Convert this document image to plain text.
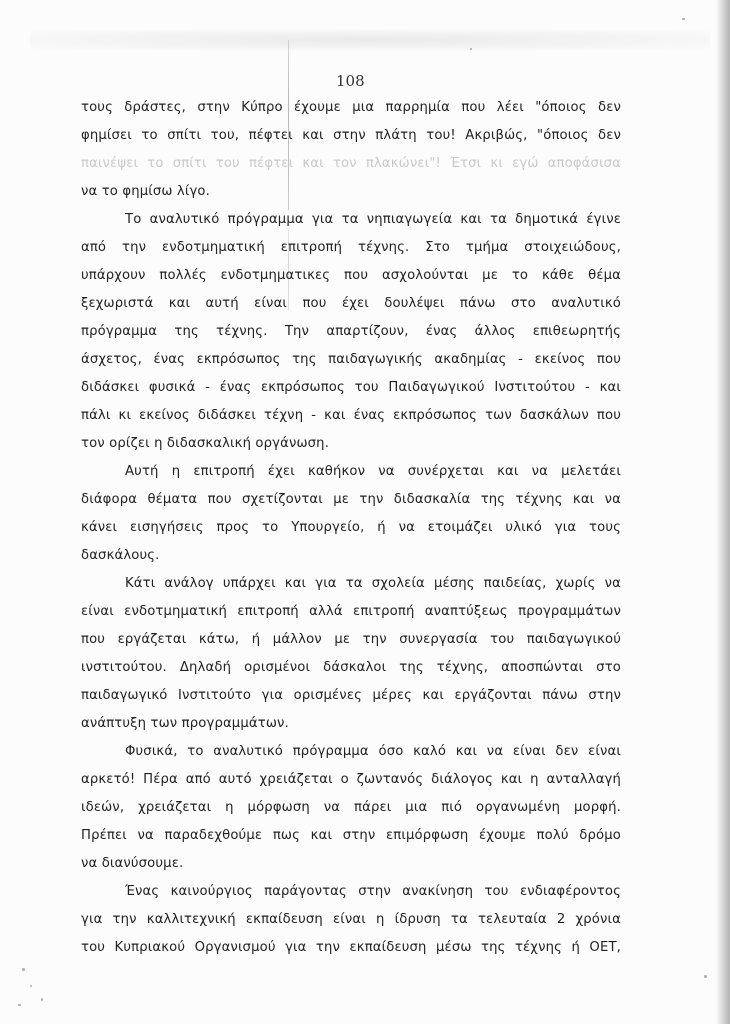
108
τους δράστες, στην Κύπρο έχουμε μια παρρημία που λέει "όποιος δεν
φημίσει το σπίτι του, πέφτει και στην πλάτη του! Ακριβώς, "όποιος δεν
παινέψει το σπίτι του πέφτει και τον πλακώνει"! Έτσι κι εγώ αποφάσισα
να το φημίσω λίγο.
Το αναλυτικό πρόγραμμα για τα νηπιαγωγεία και τα δημοτικά έγινε
από την ενδοτμηματική επιτροπή τέχνης. Στο τμήμα στοιχειώδους,
υπάρχουν πολλές ενδοτμηματικες που ασχολούνται με το κάθε θέμα
ξεχωριστά και αυτή είναι που έχει δουλέψει πάνω στο αναλυτικό
πρόγραμμα της τέχνης. Την απαρτίζουν, ένας άλλος επιθεωρητής
άσχετος, ένας εκπρόσωπος της παιδαγωγικής ακαδημίας - εκείνος που
διδάσκει φυσικά - ένας εκπρόσωπος του Παιδαγωγικού Ινστιτούτου - και
πάλι κι εκείνος διδάσκει τέχνη - και ένας εκπρόσωπος των δασκάλων που
τον ορίζει η διδασκαλική οργάνωση.
Αυτή η επιτροπή έχει καθήκον να συνέρχεται και να μελετάει
διάφορα θέματα που σχετίζονται με την διδασκαλία της τέχνης και να
κάνει εισηγήσεις προς το Υπουργείο, ή να ετοιμάζει υλικό για τους
δασκάλους.
Κάτι ανάλογ υπάρχει και για τα σχολεία μέσης παιδείας, χωρίς να
είναι ενδοτμηματική επιτροπή αλλά επιτροπή αναπτύξεως προγραμμάτων
που εργάζεται κάτω, ή μάλλον με την συνεργασία του παιδαγωγικού
ινστιτούτου. Δηλαδή ορισμένοι δάσκαλοι της τέχνης, αποσπώνται στο
παιδαγωγικό Ινστιτούτο για ορισμένες μέρες και εργάζονται πάνω στην
ανάπτυξη των προγραμμάτων.
Φυσικά, το αναλυτικό πρόγραμμα όσο καλό και να είναι δεν είναι
αρκετό! Πέρα από αυτό χρειάζεται ο ζωντανός διάλογος και η ανταλλαγή
ιδεών, χρειάζεται η μόρφωση να πάρει μια πιό οργανωμένη μορφή.
Πρέπει να παραδεχθούμε πως και στην επιμόρφωση έχουμε πολύ δρόμο
να διανύσουμε.
Ένας καινούργιος παράγοντας στην ανακίνηση του ενδιαφέροντος
για την καλλιτεχνική εκπαίδευση είναι η ίδρυση τα τελευταία 2 χρόνια
του Κυπριακού Οργανισμού για την εκπαίδευση μέσω της τέχνης ή ΟΕΤ,
